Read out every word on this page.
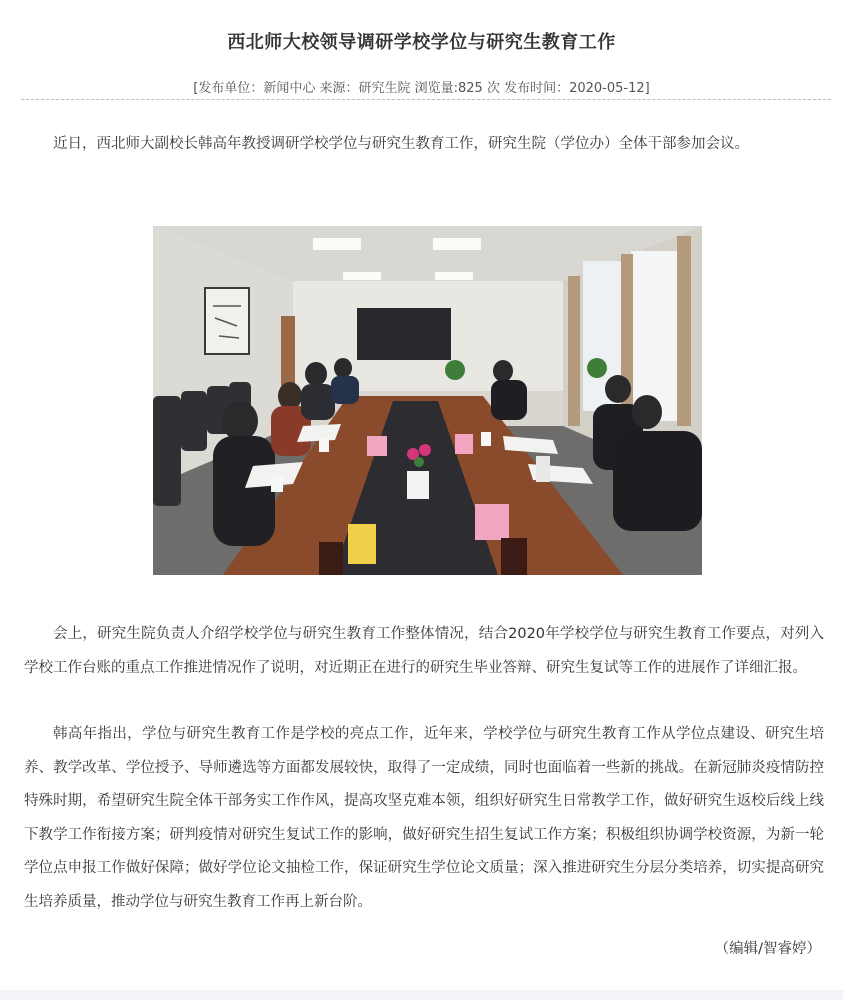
西北师大校领导调研学校学位与研究生教育工作
[发布单位：新闻中心 来源：研究生院 浏览量:825 次 发布时间：2020-05-12]

近日，西北师大副校长韩高年教授调研学校学位与研究生教育工作，研究生院（学位办）全体干部参加会议。

会上，研究生院负责人介绍学校学位与研究生教育工作整体情况，结合2020年学校学位与研究生教育工作要点，对列入学校工作台账的重点工作推进情况作了说明，对近期正在进行的研究生毕业答辩、研究生复试等工作的进展作了详细汇报。

韩高年指出，学位与研究生教育工作是学校的亮点工作，近年来，学校学位与研究生教育工作从学位点建设、研究生培养、教学改革、学位授予、导师遴选等方面都发展较快，取得了一定成绩，同时也面临着一些新的挑战。在新冠肺炎疫情防控特殊时期，希望研究生院全体干部务实工作作风，提高攻坚克难本领，组织好研究生日常教学工作，做好研究生返校后线上线下教学工作衔接方案；研判疫情对研究生复试工作的影响，做好研究生招生复试工作方案；积极组织协调学校资源，为新一轮学位点申报工作做好保障；做好学位论文抽检工作，保证研究生学位论文质量；深入推进研究生分层分类培养，切实提高研究生培养质量，推动学位与研究生教育工作再上新台阶。

（编辑/智睿婷）
